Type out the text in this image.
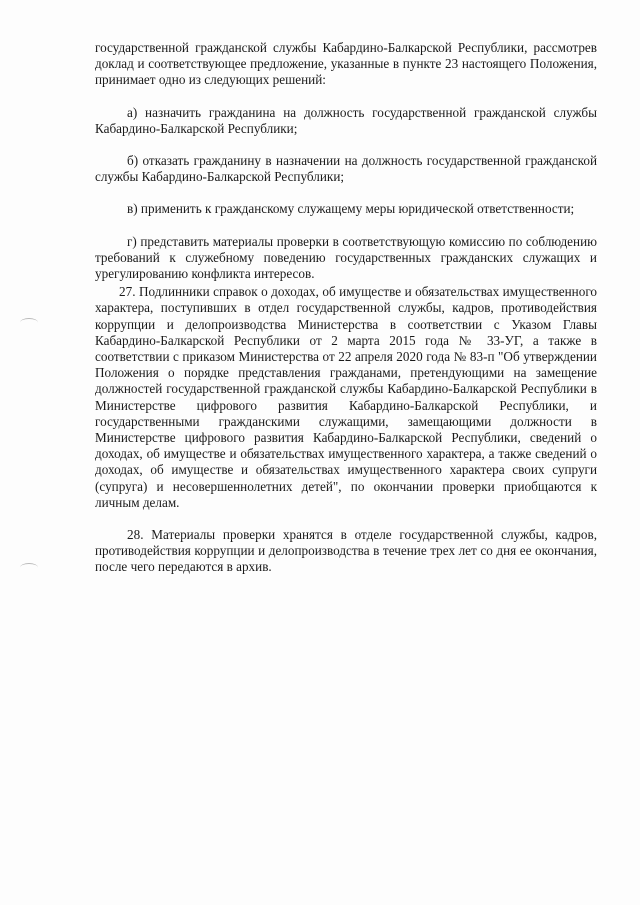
государственной гражданской службы Кабардино-Балкарской Республики, рассмотрев доклад и соответствующее предложение, указанные в пункте 23 настоящего Положения, принимает одно из следующих решений:

а) назначить гражданина на должность государственной гражданской службы Кабардино-Балкарской Республики;

б) отказать гражданину в назначении на должность государственной гражданской службы Кабардино-Балкарской Республики;

в) применить к гражданскому служащему меры юридической ответственности;

г) представить материалы проверки в соответствующую комиссию по соблюдению требований к служебному поведению государственных гражданских служащих и урегулированию конфликта интересов.

27. Подлинники справок о доходах, об имуществе и обязательствах имущественного характера, поступивших в отдел государственной службы, кадров, противодействия коррупции и делопроизводства Министерства в соответствии с Указом Главы Кабардино-Балкарской Республики от 2 марта 2015 года № 33-УГ, а также в соответствии с приказом Министерства от 22 апреля 2020 года № 83-п "Об утверждении Положения о порядке представления гражданами, претендующими на замещение должностей государственной гражданской службы Кабардино-Балкарской Республики в Министерстве цифрового развития Кабардино-Балкарской Республики, и государственными гражданскими служащими, замещающими должности в Министерстве цифрового развития Кабардино-Балкарской Республики, сведений о доходах, об имуществе и обязательствах имущественного характера, а также сведений о доходах, об имуществе и обязательствах имущественного характера своих супруги (супруга) и несовершеннолетних детей", по окончании проверки приобщаются к личным делам.

28. Материалы проверки хранятся в отделе государственной службы, кадров, противодействия коррупции и делопроизводства в течение трех лет со дня ее окончания, после чего передаются в архив.
